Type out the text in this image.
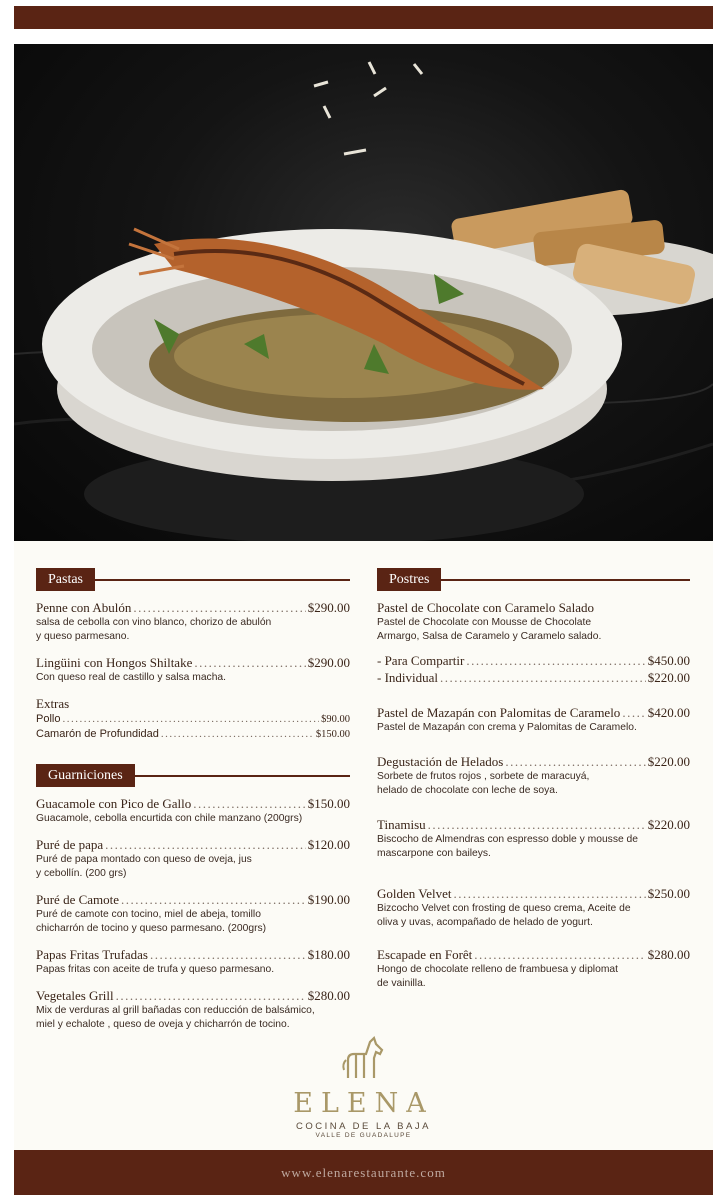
Pastas
Penne con Abulón .....	$290.00
salsa de cebolla con vino blanco, chorizo de abulón
y queso parmesano.
Lingüini con Hongos Shiltake .....	$290.00
Con queso real de castillo y salsa macha.
Extras
Pollo .....	$90.00
Camarón de Profundidad .....	$150.00
Guarniciones
Guacamole con Pico de Gallo .....	$150.00
Guacamole, cebolla encurtida con chile manzano (200grs)
Puré de papa .....	$120.00
Puré de papa montado con queso de oveja, jus
y cebollín. (200 grs)
Puré de Camote .....	$190.00
Puré de camote con tocino, miel de abeja, tomillo
chicharrón de tocino y queso parmesano. (200grs)
Papas Fritas Trufadas .....	$180.00
Papas fritas con aceite de trufa y queso parmesano.
Vegetales Grill .....	$280.00
Mix de verduras al grill bañadas con reducción de balsámico,
miel y echalote , queso de oveja y chicharrón de tocino.
Postres
Pastel de Chocolate con Caramelo Salado
Pastel de Chocolate con Mousse de Chocolate
Armargo, Salsa de Caramelo y Caramelo salado.
- Para Compartir .....	$450.00
- Individual .....	$220.00
Pastel de Mazapán con Palomitas de Caramelo ..... $420.00
Pastel de Mazapán con crema y Palomitas de Caramelo.
Degustación de Helados .....	$220.00
Sorbete de frutos rojos , sorbete de maracuyá,
helado de chocolate con leche de soya.
Tinamisu .....	$220.00
Biscocho de Almendras con espresso doble y mousse de
mascarpone con baileys.
Golden Velvet .....	$250.00
Bizcocho Velvet con frosting de queso crema, Aceite de
oliva y uvas, acompañado de helado de yogurt.
Escapade en Forêt .....	$280.00
Hongo de chocolate relleno de frambuesa y diplomat
de vainilla.
ELENA
COCINA DE LA BAJA
VALLE DE GUADALUPE
www.elenarestaurante.com
